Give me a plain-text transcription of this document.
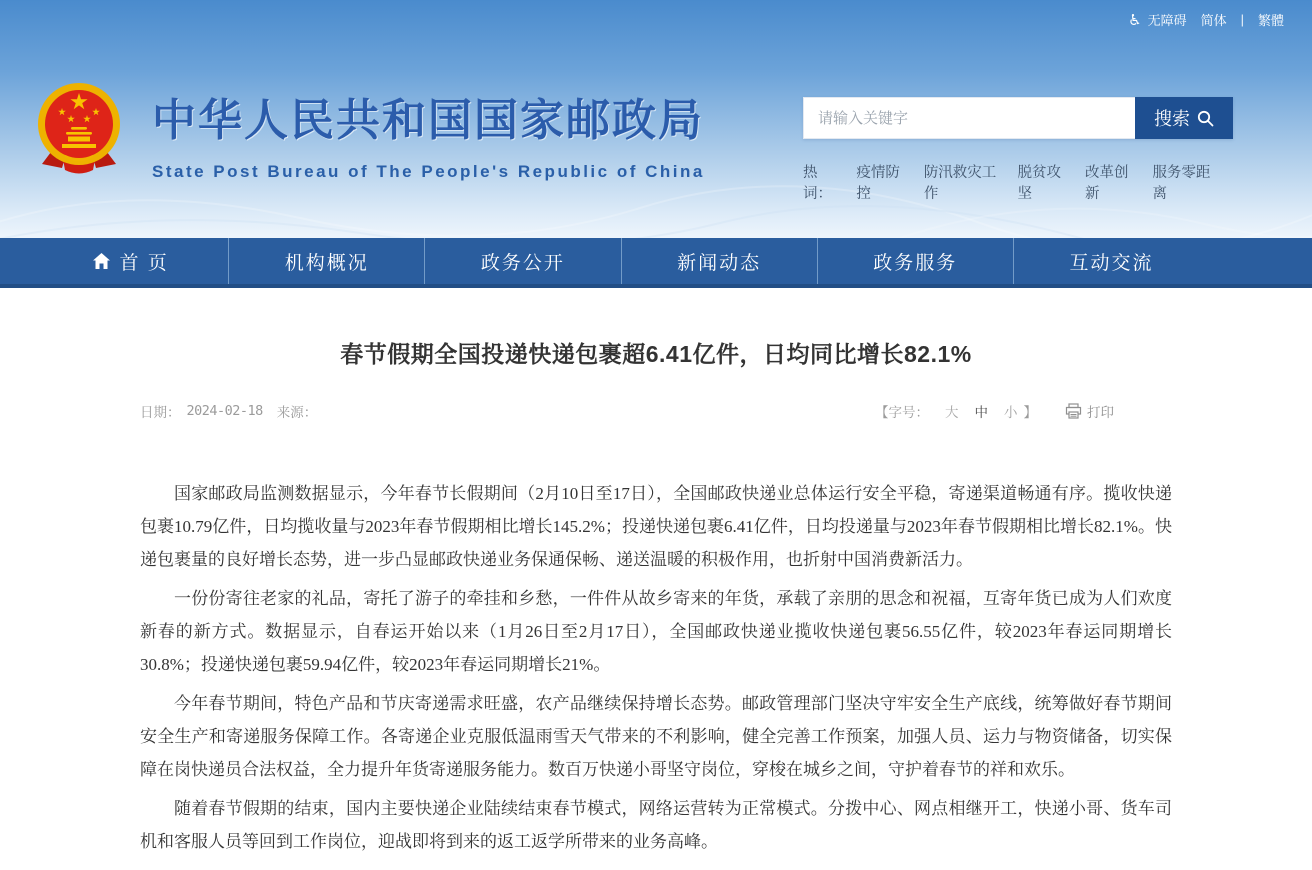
♿ 无障碍 简体 | 繁體
中华人民共和国国家邮政局
State Post Bureau of The People's Republic of China
请输入关键字
搜索
热词：
疫情防控
防汛救灾工作
脱贫攻坚
改革创新
服务零距离
首 页	机构概况	政务公开	新闻动态	政务服务	互动交流
春节假期全国投递快递包裹超6.41亿件，日均同比增长82.1%
日期： 2024-02-18 来源：	【字号： 大 中 小 】	打印

国家邮政局监测数据显示，今年春节长假期间（2月10日至17日），全国邮政快递业总体运行安全平稳，寄递渠道畅通有序。揽收快递包裹10.79亿件，日均揽收量与2023年春节假期相比增长145.2%；投递快递包裹6.41亿件，日均投递量与2023年春节假期相比增长82.1%。快递包裹量的良好增长态势，进一步凸显邮政快递业务保通保畅、递送温暖的积极作用，也折射中国消费新活力。

一份份寄往老家的礼品，寄托了游子的牵挂和乡愁，一件件从故乡寄来的年货，承载了亲朋的思念和祝福，互寄年货已成为人们欢度新春的新方式。数据显示，自春运开始以来（1月26日至2月17日），全国邮政快递业揽收快递包裹56.55亿件，较2023年春运同期增长30.8%；投递快递包裹59.94亿件，较2023年春运同期增长21%。

今年春节期间，特色产品和节庆寄递需求旺盛，农产品继续保持增长态势。邮政管理部门坚决守牢安全生产底线，统筹做好春节期间安全生产和寄递服务保障工作。各寄递企业克服低温雨雪天气带来的不利影响，健全完善工作预案，加强人员、运力与物资储备，切实保障在岗快递员合法权益，全力提升年货寄递服务能力。数百万快递小哥坚守岗位，穿梭在城乡之间，守护着春节的祥和欢乐。

随着春节假期的结束，国内主要快递企业陆续结束春节模式，网络运营转为正常模式。分拨中心、网点相继开工，快递小哥、货车司机和客服人员等回到工作岗位，迎战即将到来的返工返学所带来的业务高峰。
